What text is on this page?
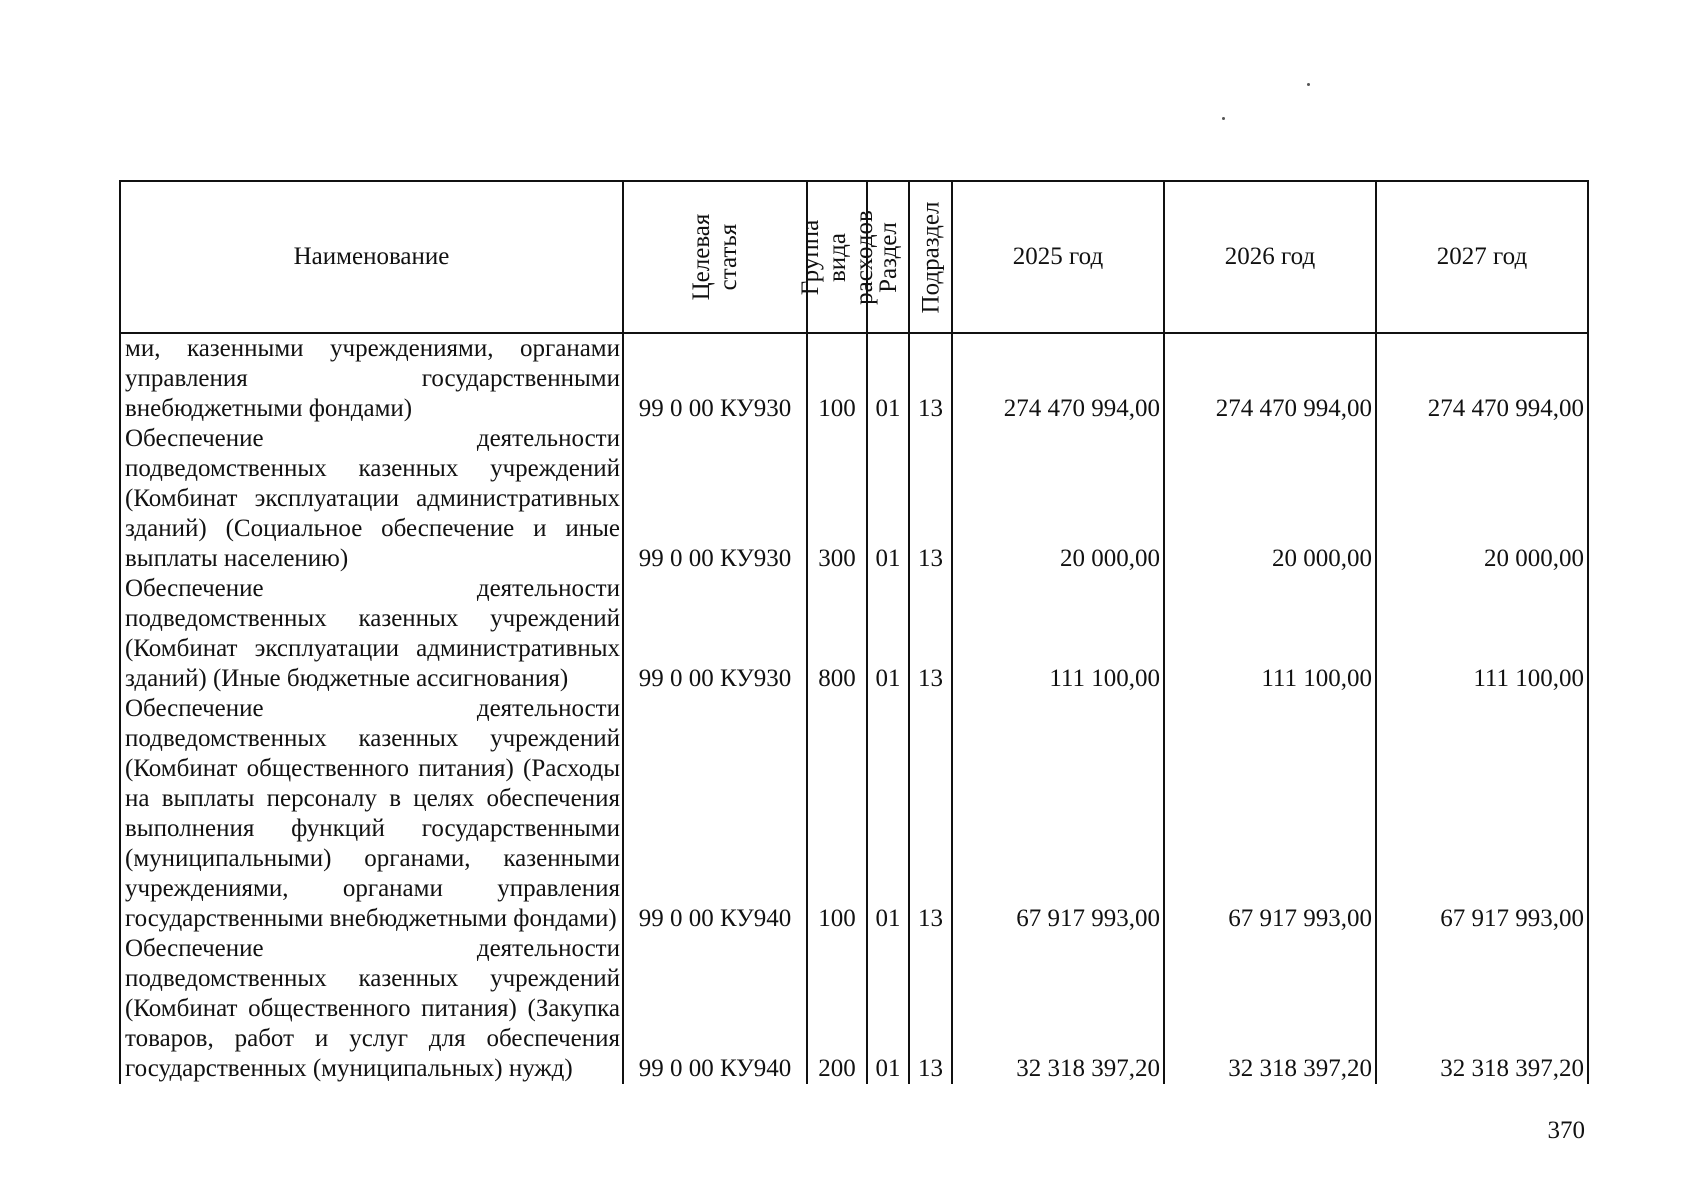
Наименование	Целевая статья	Группа вида расходов	Раздел	Подраздел	2025 год	2026 год	2027 год
ми, казенными учреждениями, органами управления государственными внебюджетными фондами)	99 0 00 КУ930	100	01	13	274 470 994,00	274 470 994,00	274 470 994,00
Обеспечение деятельности подведомственных казенных учреждений (Комбинат эксплуатации административных зданий) (Социальное обеспечение и иные выплаты населению)	99 0 00 КУ930	300	01	13	20 000,00	20 000,00	20 000,00
Обеспечение деятельности подведомственных казенных учреждений (Комбинат эксплуатации административных зданий) (Иные бюджетные ассигнования)	99 0 00 КУ930	800	01	13	111 100,00	111 100,00	111 100,00
Обеспечение деятельности подведомственных казенных учреждений (Комбинат общественного питания) (Расходы на выплаты персоналу в целях обеспечения выполнения функций государственными (муниципальными) органами, казенными учреждениями, органами управления государственными внебюджетными фондами)	99 0 00 КУ940	100	01	13	67 917 993,00	67 917 993,00	67 917 993,00
Обеспечение деятельности подведомственных казенных учреждений (Комбинат общественного питания) (Закупка товаров, работ и услуг для обеспечения государственных (муниципальных) нужд)	99 0 00 КУ940	200	01	13	32 318 397,20	32 318 397,20	32 318 397,20
370
